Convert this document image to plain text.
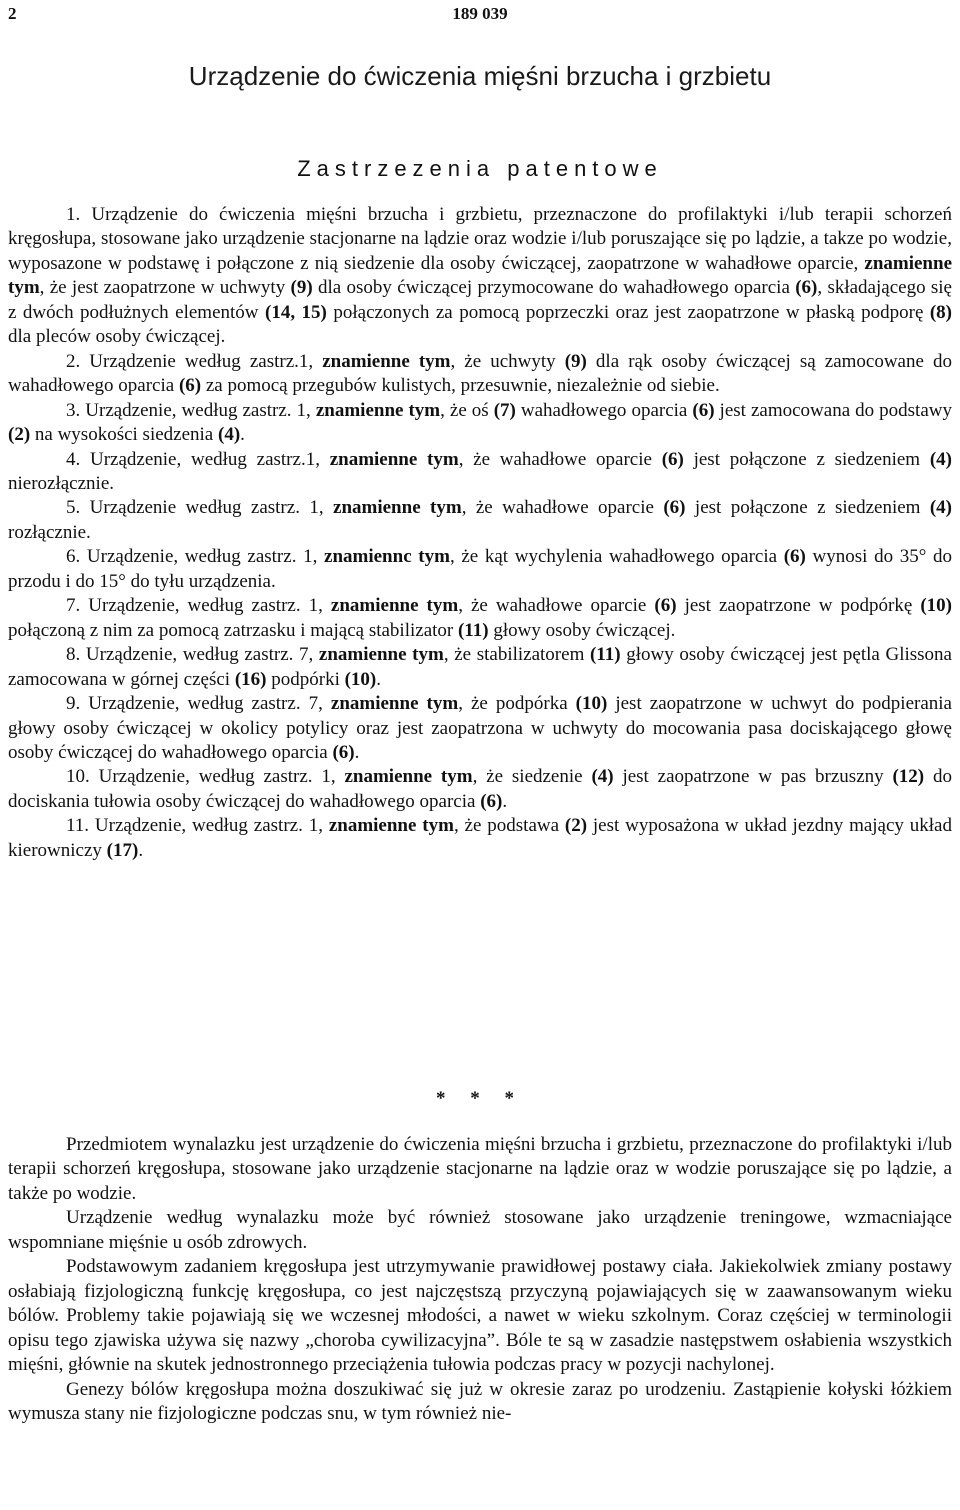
2	189 039
Urządzenie do ćwiczenia mięśni brzucha i grzbietu
Zastrzezenia patentowe

1. Urządzenie do ćwiczenia mięśni brzucha i grzbietu, przeznaczone do profilaktyki i/lub terapii schorzeń kręgosłupa, stosowane jako urządzenie stacjonarne na lądzie oraz wodzie i/lub poruszające się po lądzie, a takze po wodzie, wyposazone w podstawę i połączone z nią siedzenie dla osoby ćwiczącej, zaopatrzone w wahadłowe oparcie, znamienne tym, że jest zaopatrzone w uchwyty (9) dla osoby ćwiczącej przymocowane do wahadłowego oparcia (6), składającego się z dwóch podłużnych elementów (14, 15) połączonych za pomocą poprzeczki oraz jest zaopatrzone w płaską podporę (8) dla pleców osoby ćwiczącej.

2. Urządzenie według zastrz.1, znamienne tym, że uchwyty (9) dla rąk osoby ćwiczącej są zamocowane do wahadłowego oparcia (6) za pomocą przegubów kulistych, przesuwnie, niezależnie od siebie.

3. Urządzenie, według zastrz. 1, znamienne tym, że oś (7) wahadłowego oparcia (6) jest zamocowana do podstawy (2) na wysokości siedzenia (4).

4. Urządzenie, według zastrz.1, znamienne tym, że wahadłowe oparcie (6) jest połączone z siedzeniem (4) nierozłącznie.

5. Urządzenie według zastrz. 1, znamienne tym, że wahadłowe oparcie (6) jest połączone z siedzeniem (4) rozłącznie.

6. Urządzenie, według zastrz. 1, znamiennc tym, że kąt wychylenia wahadłowego oparcia (6) wynosi do 35° do przodu i do 15° do tyłu urządzenia.

7. Urządzenie, według zastrz. 1, znamienne tym, że wahadłowe oparcie (6) jest zaopatrzone w podpórkę (10) połączoną z nim za pomocą zatrzasku i mającą stabilizator (11) głowy osoby ćwiczącej.

8. Urządzenie, według zastrz. 7, znamienne tym, że stabilizatorem (11) głowy osoby ćwiczącej jest pętla Glissona zamocowana w górnej części (16) podpórki (10).

9. Urządzenie, według zastrz. 7, znamienne tym, że podpórka (10) jest zaopatrzone w uchwyt do podpierania głowy osoby ćwiczącej w okolicy potylicy oraz jest zaopatrzona w uchwyty do mocowania pasa dociskającego głowę osoby ćwiczącej do wahadłowego oparcia (6).

10. Urządzenie, według zastrz. 1, znamienne tym, że siedzenie (4) jest zaopatrzone w pas brzuszny (12) do dociskania tułowia osoby ćwiczącej do wahadłowego oparcia (6).

11. Urządzenie, według zastrz. 1, znamienne tym, że podstawa (2) jest wyposażona w układ jezdny mający układ kierowniczy (17).

* * *

Przedmiotem wynalazku jest urządzenie do ćwiczenia mięśni brzucha i grzbietu, przeznaczone do profilaktyki i/lub terapii schorzeń kręgosłupa, stosowane jako urządzenie stacjonarne na lądzie oraz w wodzie poruszające się po lądzie, a także po wodzie.

Urządzenie według wynalazku może być również stosowane jako urządzenie treningowe, wzmacniające wspomniane mięśnie u osób zdrowych.

Podstawowym zadaniem kręgosłupa jest utrzymywanie prawidłowej postawy ciała. Jakiekolwiek zmiany postawy osłabiają fizjologiczną funkcję kręgosłupa, co jest najczęstszą przyczyną pojawiających się w zaawansowanym wieku bólów. Problemy takie pojawiają się we wczesnej młodości, a nawet w wieku szkolnym. Coraz częściej w terminologii opisu tego zjawiska używa się nazwy „choroba cywilizacyjna”. Bóle te są w zasadzie następstwem osłabienia wszystkich mięśni, głównie na skutek jednostronnego przeciążenia tułowia podczas pracy w pozycji nachylonej.

Genezy bólów kręgosłupa można doszukiwać się już w okresie zaraz po urodzeniu. Zastąpienie kołyski łóżkiem wymusza stany nie fizjologiczne podczas snu, w tym również nie-
